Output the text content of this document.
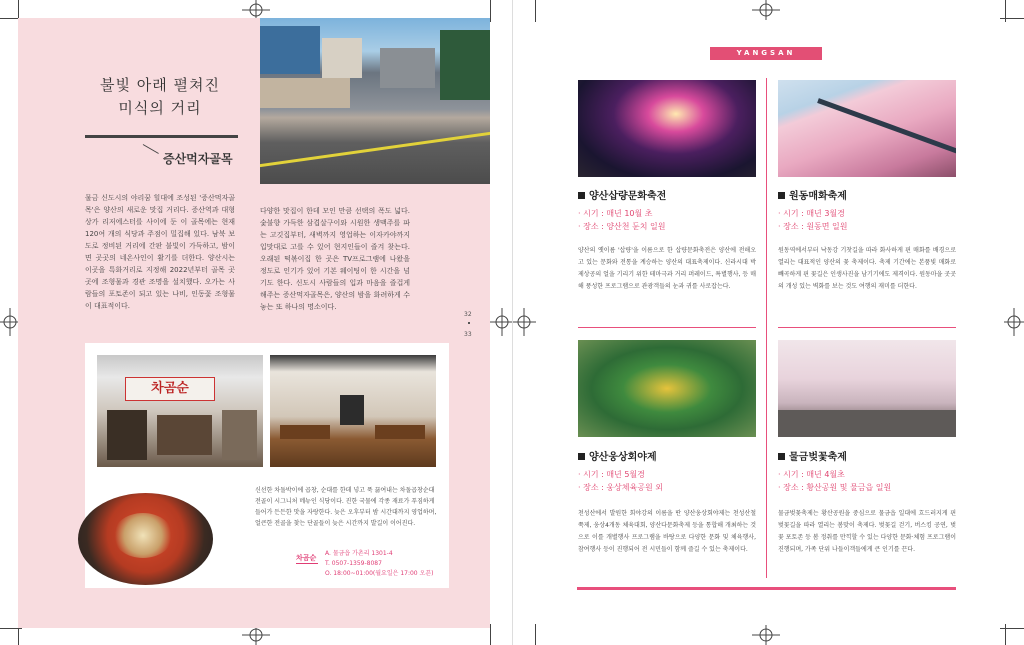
불빛 아래 펼쳐진
미식의 거리
증산먹자골목
물금 신도시의 야리꿈 힐대에 조성된 '증산먹자골목'은 양산의 새로운 맛집 거리다. 증산역과 대형 상가 리저에스터를 사이에 둔 이 골목에는 현재 120여 개의 식당과 주점이 밀집해 있다. 남북 보도로 정비된 거리에 간판 불빛이 가득하고, 밤이면 곳곳의 네온사인이 활기를 더한다. 양산시는 이곳을 특화거리로 지정해 2022년부터 골목 곳곳에 조형물과 경관 조명을 설치했다. 오가는 사람들의 포토존이 되고 있는 나비, 인동꽃 조형물이 대표적이다.
다양한 맛집이 한데 모인 만큼 선택의 폭도 넓다. 숯불향 가득한 삼겹살구이와 시원한 생맥주를 파는 고깃집부터, 새벽까지 영업하는 이자카야까지 입맛대로 고를 수 있어 현지인들이 즐겨 찾는다. 오래된 떡볶이집 한 곳은 TV프로그램에 나왔을 정도로 인기가 있어 기본 웨이팅이 한 시간을 넘기도 한다. 신도시 사람들의 입과 마음을 즐겁게 해주는 증산먹자골목은, 양산의 밤을 화려하게 수놓는 또 하나의 명소이다.
32
33
차곰순
신선한 차돌박이에 곱창, 순대를 한데 넣고 푹 끓여내는 차돌곱창순대 전골이 시그니처 메뉴인 식당이다. 진한 국물에 각종 재료가 푸짐하게 들어가 든든한 맛을 자랑한다. 늦은 오후부터 밤 시간대까지 영업하며, 얼큰한 전골을 찾는 단골들이 늦은 시간까지 발길이 이어진다.
차곰순
A. 물금읍 가촌리 1301-4
T. 0507-1359-8087
O. 18:00~01:00(월요일은 17:00 오픈)
YANGSAN
양산삽량문화축전
· 시기 : 매년 10월 초
· 장소 : 양산천 둔치 일원
양산의 옛이름 '삽량'을 이름으로 한 삽량문화축전은 양산에 전해오고 있는 문화와 전통을 계승하는 양산의 대표축제이다. 신라시대 박제상공의 얼을 기리기 위한 테마극과 거리 퍼레이드, 특별행사, 등 매해 풍성한 프로그램으로 관광객들의 눈과 귀를 사로잡는다.
원동매화축제
· 시기 : 매년 3월경
· 장소 : 원동면 일원
원동역에서부터 낙동강 기찻길을 따라 화사하게 핀 매화를 배경으로 열리는 대표적인 양산의 꽃 축제이다. 축제 기간에는 본품빛 매화로 빼곡하게 핀 꽃길은 인생사진을 남기기에도 제격이다. 원동마을 곳곳의 개성 있는 벽화를 보는 것도 여행의 재미를 더한다.
양산웅상회야제
· 시기 : 매년 5월경
· 장소 : 웅상체육공원 외
천성산에서 발원한 회야강의 이름을 딴 양산웅상회야제는 천성산철쭉제, 웅상4개동 체육대회, 양산다문화축제 등을 통합해 개최하는 것으로 이를 개별행사 프로그램을 바탕으로 다양한 문화 및 체육행사, 참여행사 등이 진행되어 전 시민들이 함께 즐길 수 있는 축제이다.
물금벚꽃축제
· 시기 : 매년 4월초
· 장소 : 황산공원 및 물금읍 일원
물금벚꽃축제는 황산공원을 중심으로 물금읍 일대에 흐드러지게 핀 벚꽃길을 따라 열리는 봄맞이 축제다. 벚꽃길 걷기, 버스킹 공연, 벚꽃 포토존 등 봄 정취를 만끽할 수 있는 다양한 문화·체험 프로그램이 진행되며, 가족 단위 나들이객들에게 큰 인기를 끈다.
